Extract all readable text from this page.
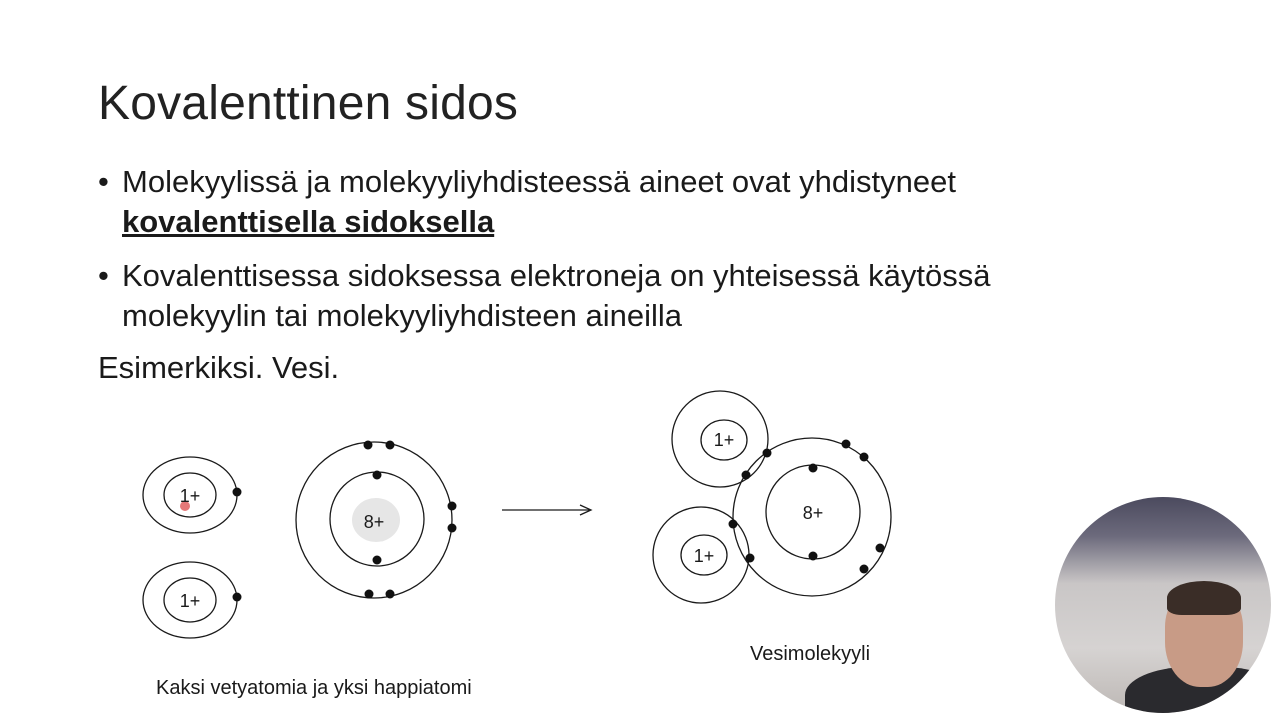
Kovalenttinen sidos
• Molekyylissä ja molekyyliyhdisteessä aineet ovat yhdistyneet
kovalenttisella sidoksella
• Kovalenttisessa sidoksessa elektroneja on yhteisessä käytössä
molekyylin tai molekyyliyhdisteen aineilla
Esimerkiksi. Vesi.
1+
1+
8+
1+
1+
8+
Kaksi vetyatomia ja yksi happiatomi
Vesimolekyyli
